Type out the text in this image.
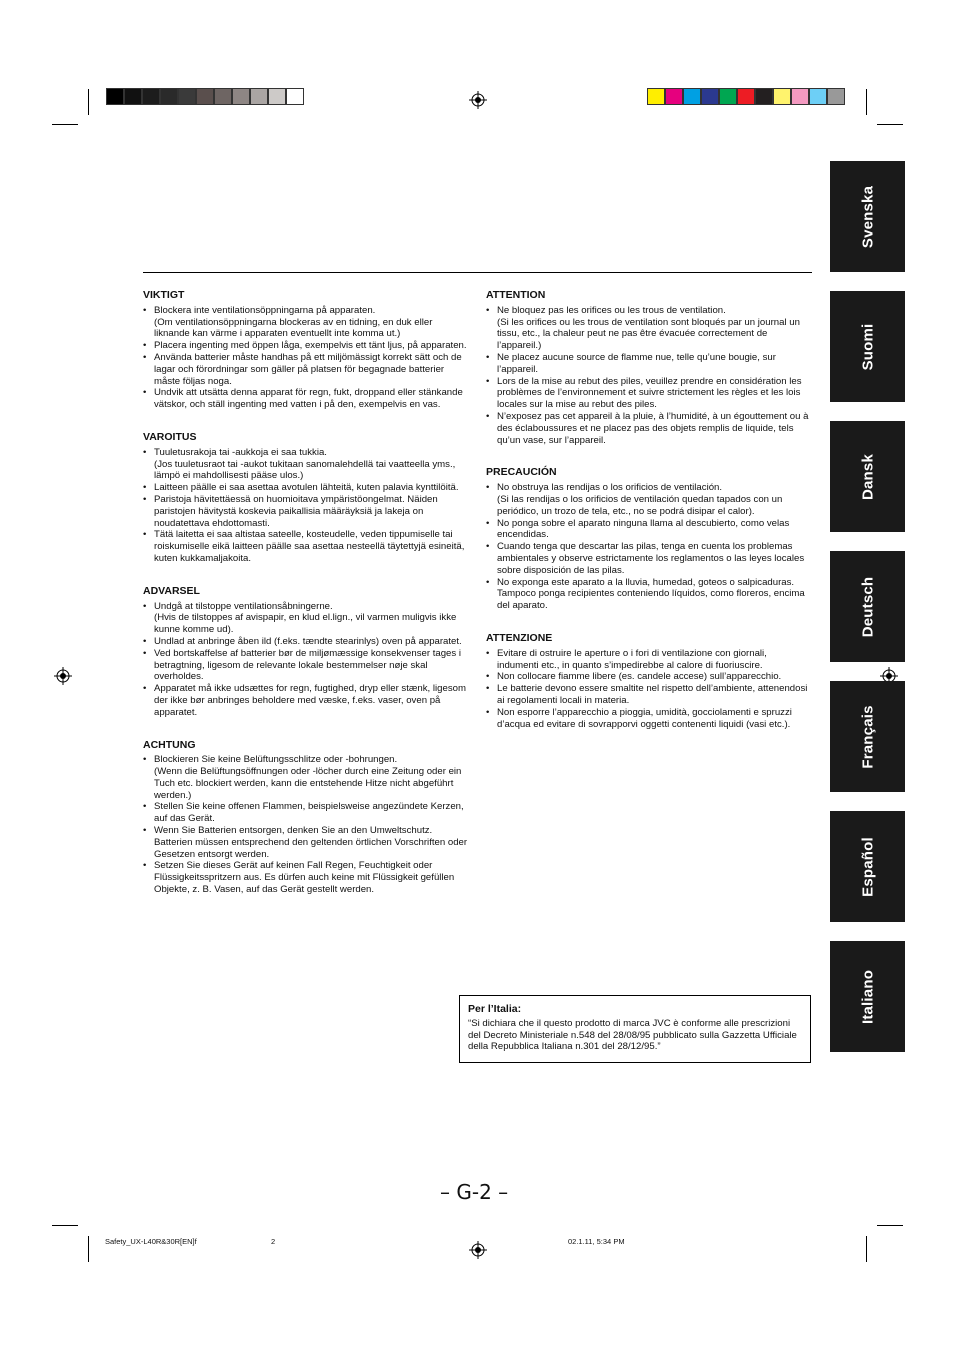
Svenska
Suomi
Dansk
Deutsch
Français
Español
Italiano
VIKTIGT
• Blockera inte ventilationsöppningarna på apparaten.
(Om ventilationsöppningarna blockeras av en tidning, en duk eller liknande kan värme i apparaten eventuellt inte komma ut.)
• Placera ingenting med öppen låga, exempelvis ett tänt ljus, på apparaten.
• Använda batterier måste handhas på ett miljömässigt korrekt sätt och de lagar och förordningar som gäller på platsen för begagnade batterier måste följas noga.
• Undvik att utsätta denna apparat för regn, fukt, droppand eller stänkande vätskor, och ställ ingenting med vatten i på den, exempelvis en vas.
VAROITUS
• Tuuletusrakoja tai -aukkoja ei saa tukkia.
(Jos tuuletusraot tai -aukot tukitaan sanomalehdellä tai vaatteella yms., lämpö ei mahdollisesti pääse ulos.)
• Laitteen päälle ei saa asettaa avotulen lähteitä, kuten palavia kynttilöitä.
• Paristoja hävitettäessä on huomioitava ympäristöongelmat. Näiden paristojen hävitystä koskevia paikallisia määräyksiä ja lakeja on noudatettava ehdottomasti.
• Tätä laitetta ei saa altistaa sateelle, kosteudelle, veden tippumiselle tai roiskumiselle eikä laitteen päälle saa asettaa nesteellä täytettyjä esineitä, kuten kukkamaljakoita.
ADVARSEL
• Undgå at tilstoppe ventilationsåbningerne.
(Hvis de tilstoppes af avispapir, en klud el.lign., vil varmen muligvis ikke kunne komme ud).
• Undlad at anbringe åben ild (f.eks. tændte stearinlys) oven på apparatet.
• Ved bortskaffelse af batterier bør de miljømæssige konsekvenser tages i betragtning, ligesom de relevante lokale bestemmelser nøje skal overholdes.
• Apparatet må ikke udsættes for regn, fugtighed, dryp eller stænk, ligesom der ikke bør anbringes beholdere med væske, f.eks. vaser, oven på apparatet.
ACHTUNG
• Blockieren Sie keine Belüftungsschlitze oder -bohrungen.
(Wenn die Belüftungsöffnungen oder -löcher durch eine Zeitung oder ein Tuch etc. blockiert werden, kann die entstehende Hitze nicht abgeführt werden.)
• Stellen Sie keine offenen Flammen, beispielsweise angezündete Kerzen, auf das Gerät.
• Wenn Sie Batterien entsorgen, denken Sie an den Umweltschutz. Batterien müssen entsprechend den geltenden örtlichen Vorschriften oder Gesetzen entsorgt werden.
• Setzen Sie dieses Gerät auf keinen Fall Regen, Feuchtigkeit oder Flüssigkeitsspritzern aus. Es dürfen auch keine mit Flüssigkeit gefüllen Objekte, z. B. Vasen, auf das Gerät gestellt werden.
ATTENTION
• Ne bloquez pas les orifices ou les trous de ventilation.
(Si les orifices ou les trous de ventilation sont bloqués par un journal un tissu, etc., la chaleur peut ne pas être évacuée correctement de l’appareil.)
• Ne placez aucune source de flamme nue, telle qu’une bougie, sur l’appareil.
• Lors de la mise au rebut des piles, veuillez prendre en considération les problèmes de l’environnement et suivre strictement les règles et les lois locales sur la mise au rebut des piles.
• N’exposez pas cet appareil à la pluie, à l’humidité, à un égouttement ou à des éclaboussures et ne placez pas des objets remplis de liquide, tels qu’un vase, sur l’appareil.
PRECAUCIÓN
• No obstruya las rendijas o los orificios de ventilación.
(Si las rendijas o los orificios de ventilación quedan tapados con un periódico, un trozo de tela, etc., no se podrá disipar el calor).
• No ponga sobre el aparato ninguna llama al descubierto, como velas encendidas.
• Cuando tenga que descartar las pilas, tenga en cuenta los problemas ambientales y observe estrictamente los reglamentos o las leyes locales sobre disposición de las pilas.
• No exponga este aparato a la lluvia, humedad, goteos o salpicaduras. Tampoco ponga recipientes conteniendo líquidos, como floreros, encima del aparato.
ATTENZIONE
• Evitare di ostruire le aperture o i fori di ventilazione con giornali, indumenti etc., in quanto s’impedirebbe al calore di fuoriuscire.
• Non collocare fiamme libere (es. candele accese) sull’apparecchio.
• Le batterie devono essere smaltite nel rispetto dell’ambiente, attenendosi ai regolamenti locali in materia.
• Non esporre l’apparecchio a pioggia, umidità, gocciolamenti e spruzzi d’acqua ed evitare di sovrapporvi oggetti contenenti liquidi (vasi etc.).
Per l’Italia:
“Si dichiara che il questo prodotto di marca JVC è conforme alle prescrizioni del Decreto Ministeriale n.548 del 28/08/95 pubblicato sulla Gazzetta Ufficiale della Repubblica Italiana n.301 del 28/12/95.”
– G-2 –
Safety_UX-L40R&30R[EN]f	2	02.1.11, 5:34 PM
